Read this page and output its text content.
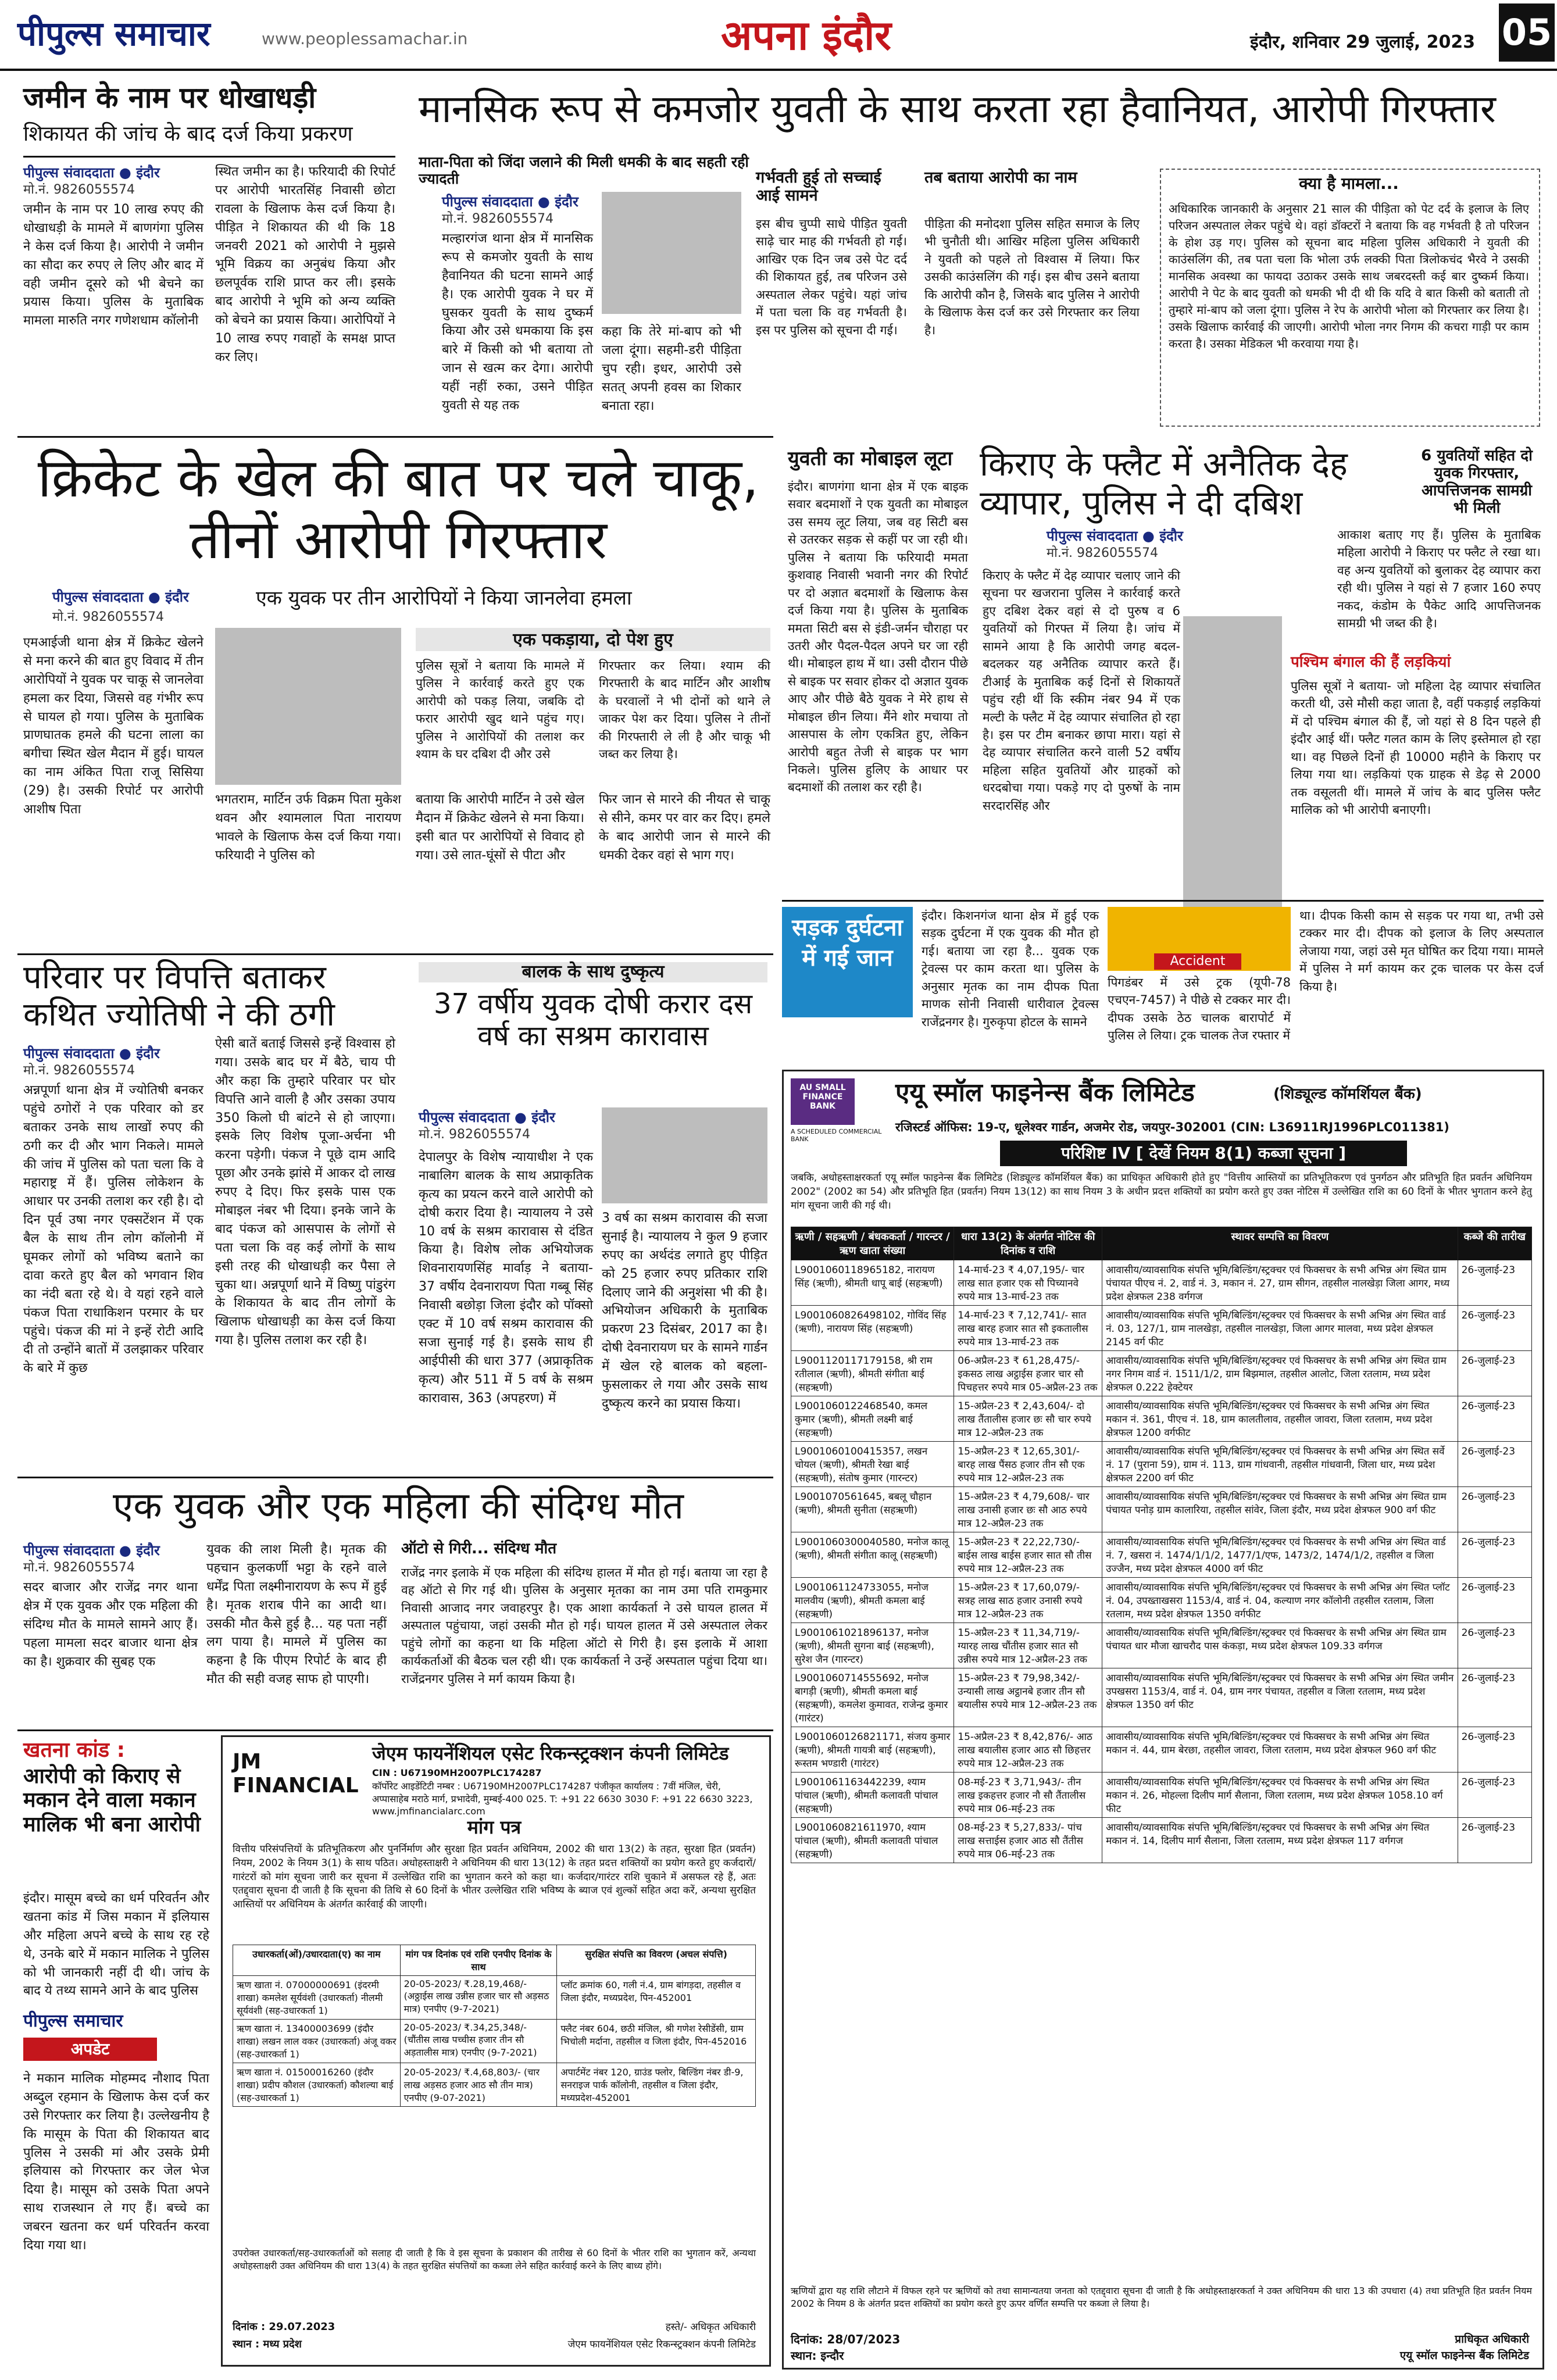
पीपुल्स समाचार	www.peoplessamachar.in	अपना इंदौर	इंदौर, शनिवार 29 जुलाई, 2023 05
जमीन के नाम पर धोखाधड़ी
शिकायत की जांच के बाद दर्ज किया प्रकरण
पीपुल्स संवाददाता ● इंदौर
मो.नं. 9826055574
जमीन के नाम पर 10 लाख रुपए की धोखाधड़ी के मामले में बाणगंगा पुलिस ने केस दर्ज किया है। आरोपी ने जमीन का सौदा कर रुपए ले लिए और बाद में वही जमीन दूसरे को भी बेचने का प्रयास किया। पुलिस के मुताबिक मामला मारुति नगर गणेशधाम कॉलोनी
स्थित जमीन का है। फरियादी की रिपोर्ट पर आरोपी भारतसिंह निवासी छोटा रावला के खिलाफ केस दर्ज किया है। पीड़ित ने शिकायत की थी कि 18 जनवरी 2021 को आरोपी ने मुझसे भूमि विक्रय का अनुबंध किया और छलपूर्वक राशि प्राप्त कर ली। इसके बाद आरोपी ने भूमि को अन्य व्यक्ति को बेचने का प्रयास किया। आरोपियों ने 10 लाख रुपए गवाहों के समक्ष प्राप्त कर लिए।
मानसिक रूप से कमजोर युवती के साथ करता रहा हैवानियत, आरोपी गिरफ्तार
माता-पिता को जिंदा जलाने की मिली धमकी के बाद सहती रही ज्यादती
पीपुल्स संवाददाता ● इंदौर
मो.नं. 9826055574
मल्हारगंज थाना क्षेत्र में मानसिक रूप से कमजोर युवती के साथ हैवानियत की घटना सामने आई है। एक आरोपी युवक ने घर में घुसकर युवती के साथ दुष्कर्म किया और उसे धमकाया कि इस बारे में किसी को भी बताया तो जान से खत्म कर देगा। आरोपी यहीं नहीं रुका, उसने पीड़ित युवती से यह तक
कहा कि तेरे मां-बाप को भी जला दूंगा। सहमी-डरी पीड़िता चुप रही। इधर, आरोपी उसे सतत् अपनी हवस का शिकार बनाता रहा।
गर्भवती हुई तो सच्चाई आई सामने
इस बीच चुप्पी साधे पीड़ित युवती साढ़े चार माह की गर्भवती हो गई। आखिर एक दिन जब उसे पेट दर्द की शिकायत हुई, तब परिजन उसे अस्पताल लेकर पहुंचे। यहां जांच में पता चला कि वह गर्भवती है। इस पर पुलिस को सूचना दी गई।
तब बताया आरोपी का नाम
पीड़िता की मनोदशा पुलिस सहित समाज के लिए भी चुनौती थी। आखिर महिला पुलिस अधिकारी ने युवती को पहले तो विश्वास में लिया। फिर उसकी काउंसलिंग की गई। इस बीच उसने बताया कि आरोपी कौन है, जिसके बाद पुलिस ने आरोपी के खिलाफ केस दर्ज कर उसे गिरफ्तार कर लिया है।
क्या है मामला...
अधिकारिक जानकारी के अनुसार 21 साल की पीड़िता को पेट दर्द के इलाज के लिए परिजन अस्पताल लेकर पहुंचे थे। वहां डॉक्टरों ने बताया कि वह गर्भवती है तो परिजन के होश उड़ गए। पुलिस को सूचना बाद महिला पुलिस अधिकारी ने युवती की काउंसलिंग की, तब पता चला कि भोला उर्फ लक्की पिता त्रिलोकचंद भैरवे ने उसकी मानसिक अवस्था का फायदा उठाकर उसके साथ जबरदस्ती कई बार दुष्कर्म किया। आरोपी ने पेट के बाद युवती को धमकी भी दी थी कि यदि वे बात किसी को बताती तो तुम्हारे मां-बाप को जला दूंगा। पुलिस ने रेप के आरोपी भोला को गिरफ्तार कर लिया है। उसके खिलाफ कार्रवाई की जाएगी। आरोपी भोला नगर निगम की कचरा गाड़ी पर काम करता है। उसका मेडिकल भी करवाया गया है।
क्रिकेट के खेल की बात पर चले चाकू, तीनों आरोपी गिरफ्तार
पीपुल्स संवाददाता ● इंदौर
मो.नं. 9826055574
एक युवक पर तीन आरोपियों ने किया जानलेवा हमला
एमआईजी थाना क्षेत्र में क्रिकेट खेलने से मना करने की बात हुए विवाद में तीन आरोपियों ने युवक पर चाकू से जानलेवा हमला कर दिया, जिससे वह गंभीर रूप से घायल हो गया। पुलिस के मुताबिक प्राणघातक हमले की घटना लाला का बगीचा स्थित खेल मैदान में हुई। घायल का नाम अंकित पिता राजू सिसिया (29) है। उसकी रिपोर्ट पर आरोपी आशीष पिता
भगतराम, मार्टिन उर्फ विक्रम पिता मुकेश थवन और श्यामलाल पिता नारायण भावले के खिलाफ केस दर्ज किया गया। फरियादी ने पुलिस को
एक पकड़ाया, दो पेश हुए
पुलिस सूत्रों ने बताया कि मामले में पुलिस ने कार्रवाई करते हुए एक आरोपी को पकड़ लिया, जबकि दो फरार आरोपी खुद थाने पहुंच गए। पुलिस ने आरोपियों की तलाश कर श्याम के घर दबिश दी और उसे
गिरफ्तार कर लिया। श्याम की गिरफ्तारी के बाद मार्टिन और आशीष के घरवालों ने भी दोनों को थाने ले जाकर पेश कर दिया। पुलिस ने तीनों की गिरफ्तारी ले ली है और चाकू भी जब्त कर लिया है।
बताया कि आरोपी मार्टिन ने उसे खेल मैदान में क्रिकेट खेलने से मना किया। इसी बात पर आरोपियों से विवाद हो गया। उसे लात-घूंसों से पीटा और
फिर जान से मारने की नीयत से चाकू से सीने, कमर पर वार कर दिए। हमले के बाद आरोपी जान से मारने की धमकी देकर वहां से भाग गए।
युवती का मोबाइल लूटा
इंदौर। बाणगंगा थाना क्षेत्र में एक बाइक सवार बदमाशों ने एक युवती का मोबाइल उस समय लूट लिया, जब वह सिटी बस से उतरकर सड़क से कहीं पर जा रही थी। पुलिस ने बताया कि फरियादी ममता कुशवाह निवासी भवानी नगर की रिपोर्ट पर दो अज्ञात बदमाशों के खिलाफ केस दर्ज किया गया है। पुलिस के मुताबिक ममता सिटी बस से इंडी-जर्मन चौराहा पर उतरी और पैदल-पैदल अपने घर जा रही थी। मोबाइल हाथ में था। उसी दौरान पीछे से बाइक पर सवार होकर दो अज्ञात युवक आए और पीछे बैठे युवक ने मेरे हाथ से मोबाइल छीन लिया। मैंने शोर मचाया तो आसपास के लोग एकत्रित हुए, लेकिन आरोपी बहुत तेजी से बाइक पर भाग निकले। पुलिस हुलिए के आधार पर बदमाशों की तलाश कर रही है।
किराए के फ्लैट में अनैतिक देह व्यापार, पुलिस ने दी दबिश
6 युवतियों सहित दो युवक गिरफ्तार, आपत्तिजनक सामग्री भी मिली
पीपुल्स संवाददाता ● इंदौर
मो.नं. 9826055574
किराए के फ्लैट में देह व्यापार चलाए जाने की सूचना पर खजराना पुलिस ने कार्रवाई करते हुए दबिश देकर वहां से दो पुरुष व 6 युवतियों को गिरफ्त में लिया है। जांच में सामने आया है कि आरोपी जगह बदल-बदलकर यह अनैतिक व्यापार करते हैं। टीआई के मुताबिक कई दिनों से शिकायतें पहुंच रही थीं कि स्कीम नंबर 94 में एक मल्टी के फ्लैट में देह व्यापार संचालित हो रहा है। इस पर टीम बनाकर छापा मारा। यहां से देह व्यापार संचालित करने वाली 52 वर्षीय महिला सहित युवतियों और ग्राहकों को धरदबोचा गया। पकड़े गए दो पुरुषों के नाम सरदारसिंह और
आकाश बताए गए हैं। पुलिस के मुताबिक महिला आरोपी ने किराए पर फ्लैट ले रखा था। वह अन्य युवतियों को बुलाकर देह व्यापार करा रही थी। पुलिस ने यहां से 7 हजार 160 रुपए नकद, कंडोम के पैकेट आदि आपत्तिजनक सामग्री भी जब्त की है।
पश्चिम बंगाल की हैं लड़कियां
पुलिस सूत्रों ने बताया- जो महिला देह व्यापार संचालित करती थी, उसे मौसी कहा जाता है, वहीं पकड़ाई लड़कियां में दो पश्चिम बंगाल की हैं, जो यहां से 8 दिन पहले ही इंदौर आई थीं। फ्लैट गलत काम के लिए इस्तेमाल हो रहा था। वह पिछले दिनों ही 10000 महीने के किराए पर लिया गया था। लड़कियां एक ग्राहक से डेढ़ से 2000 तक वसूलती थीं। मामले में जांच के बाद पुलिस फ्लैट मालिक को भी आरोपी बनाएगी।
सड़क दुर्घटना में गई जान
इंदौर। किशनगंज थाना क्षेत्र में हुई एक सड़क दुर्घटना में एक युवक की मौत हो गई। बताया जा रहा है... युवक एक ट्रेवल्स पर काम करता था। पुलिस के अनुसार मृतक का नाम दीपक पिता माणक सोनी निवासी धारीवाल ट्रेवल्स राजेंद्रनगर है। गुरुकृपा होटल के सामने
Accident
पिगडंबर में उसे ट्रक (यूपी-78 एचएन-7457) ने पीछे से टक्कर मार दी। दीपक उसके ठेठ चालक बारापोर्ट में पुलिस ले लिया। ट्रक चालक तेज रफ्तार में
था। दीपक किसी काम से सड़क पर गया था, तभी उसे टक्कर मार दी। दीपक को इलाज के लिए अस्पताल लेजाया गया, जहां उसे मृत घोषित कर दिया गया। मामले में पुलिस ने मर्ग कायम कर ट्रक चालक पर केस दर्ज किया है।
परिवार पर विपत्ति बताकर कथित ज्योतिषी ने की ठगी
पीपुल्स संवाददाता ● इंदौर
मो.नं. 9826055574
अन्नपूर्णा थाना क्षेत्र में ज्योतिषी बनकर पहुंचे ठगोरों ने एक परिवार को डर बताकर उनके साथ लाखों रुपए की ठगी कर दी और भाग निकले। मामले की जांच में पुलिस को पता चला कि वे महाराष्ट्र में हैं। पुलिस लोकेशन के आधार पर उनकी तलाश कर रही है। दो दिन पूर्व उषा नगर एक्सटेंशन में एक बैल के साथ तीन लोग कॉलोनी में घूमकर लोगों को भविष्य बताने का दावा करते हुए बैल को भगवान शिव का नंदी बता रहे थे। वे यहां रहने वाले पंकज पिता राधाकिशन परमार के घर पहुंचे। पंकज की मां ने इन्हें रोटी आदि दी तो उन्होंने बातों में उलझाकर परिवार के बारे में कुछ
ऐसी बातें बताई जिससे इन्हें विश्वास हो गया। उसके बाद घर में बैठे, चाय पी और कहा कि तुम्हारे परिवार पर घोर विपत्ति आने वाली है और उसका उपाय 350 किलो घी बांटने से हो जाएगा। इसके लिए विशेष पूजा-अर्चना भी करना पड़ेगी। पंकज ने पूछे दाम आदि पूछा और उनके झांसे में आकर दो लाख रुपए दे दिए। फिर इसके पास एक मोबाइल नंबर भी दिया। इनके जाने के बाद पंकज को आसपास के लोगों से पता चला कि वह कई लोगों के साथ इसी तरह की धोखाधड़ी कर पैसा ले चुका था। अन्नपूर्णा थाने में विष्णु पांडुरंग के शिकायत के बाद तीन लोगों के खिलाफ धोखाधड़ी का केस दर्ज किया गया है। पुलिस तलाश कर रही है।
बालक के साथ दुष्कृत्य
37 वर्षीय युवक दोषी करार दस वर्ष का सश्रम कारावास
पीपुल्स संवाददाता ● इंदौर
मो.नं. 9826055574
देपालपुर के विशेष न्यायाधीश ने एक नाबालिग बालक के साथ अप्राकृतिक कृत्य का प्रयत्न करने वाले आरोपी को दोषी करार दिया है। न्यायालय ने उसे 10 वर्ष के सश्रम कारावास से दंडित किया है। विशेष लोक अभियोजक शिवनारायणसिंह मार्वाड़ ने बताया- 37 वर्षीय देवनारायण पिता गब्बू सिंह निवासी बछोड़ा जिला इंदौर को पॉक्सो एक्ट में 10 वर्ष सश्रम कारावास की सजा सुनाई गई है। इसके साथ ही आईपीसी की धारा 377 (अप्राकृतिक कृत्य) और 511 में 5 वर्ष के सश्रम कारावास, 363 (अपहरण) में
3 वर्ष का सश्रम कारावास की सजा सुनाई है। न्यायालय ने कुल 9 हजार रुपए का अर्थदंड लगाते हुए पीड़ित को 25 हजार रुपए प्रतिकार राशि दिलाए जाने की अनुशंसा भी की है। अभियोजन अधिकारी के मुताबिक प्रकरण 23 दिसंबर, 2017 का है। दोषी देवनारायण घर के सामने गार्डन में खेल रहे बालक को बहला-फुसलाकर ले गया और उसके साथ दुष्कृत्य करने का प्रयास किया।
एक युवक और एक महिला की संदिग्ध मौत
पीपुल्स संवाददाता ● इंदौर
मो.नं. 9826055574
सदर बाजार और राजेंद्र नगर थाना क्षेत्र में एक युवक और एक महिला की संदिग्ध मौत के मामले सामने आए हैं। पहला मामला सदर बाजार थाना क्षेत्र का है। शुक्रवार की सुबह एक
युवक की लाश मिली है। मृतक की पहचान कुलकर्णी भट्टा के रहने वाले धर्मेंद्र पिता लक्ष्मीनारायण के रूप में हुई है। मृतक शराब पीने का आदी था। उसकी मौत कैसे हुई है... यह पता नहीं लग पाया है। मामले में पुलिस का कहना है कि पीएम रिपोर्ट के बाद ही मौत की सही वजह साफ हो पाएगी।
ऑटो से गिरी... संदिग्ध मौत
राजेंद्र नगर इलाके में एक महिला की संदिग्ध हालत में मौत हो गई। बताया जा रहा है वह ऑटो से गिर गई थी। पुलिस के अनुसार मृतका का नाम उमा पति रामकुमार निवासी आजाद नगर जवाहरपुर है। एक आशा कार्यकर्ता ने उसे घायल हालत में अस्पताल पहुंचाया, जहां उसकी मौत हो गई। घायल हालत में उसे अस्पताल लेकर पहुंचे लोगों का कहना था कि महिला ऑटो से गिरी है। इस इलाके में आशा कार्यकर्ताओं की बैठक चल रही थी। एक कार्यकर्ता ने उन्हें अस्पताल पहुंचा दिया था। राजेंद्रनगर पुलिस ने मर्ग कायम किया है।
खतना कांड :
आरोपी को किराए से मकान देने वाला मकान मालिक भी बना आरोपी
इंदौर। मासूम बच्चे का धर्म परिवर्तन और खतना कांड में जिस मकान में इलियास और महिला अपने बच्चे के साथ रह रहे थे, उनके बारे में मकान मालिक ने पुलिस को भी जानकारी नहीं दी थी। जांच के बाद ये तथ्य सामने आने के बाद पुलिस
पीपुल्स समाचार
अपडेट
ने मकान मालिक मोहम्मद नौशाद पिता अब्दुल रहमान के खिलाफ केस दर्ज कर उसे गिरफ्तार कर लिया है। उल्लेखनीय है कि मासूम के पिता की शिकायत बाद पुलिस ने उसकी मां और उसके प्रेमी इलियास को गिरफ्तार कर जेल भेज दिया है। मासूम को उसके पिता अपने साथ राजस्थान ले गए हैं। बच्चे का जबरन खतना कर धर्म परिवर्तन करवा दिया गया था।
JM FINANCIAL
जेएम फायनेंशियल एसेट रिकन्स्ट्रक्शन कंपनी लिमिटेड
CIN : U67190MH2007PLC174287
कॉर्पोरेट आइडेंटिटी नम्बर : U67190MH2007PLC174287 पंजीकृत कार्यालय : 7वीं मंजिल, चेरी, अप्पासाहेब मराठे मार्ग, प्रभादेवी, मुम्बई-400 025. T: +91 22 6630 3030 F: +91 22 6630 3223, www.jmfinancialarc.com
मांग पत्र
वित्तीय परिसंपत्तियों के प्रतिभूतिकरण और पुनर्निर्माण और सुरक्षा हित प्रवर्तन अधिनियम, 2002 की धारा 13(2) के तहत, सुरक्षा हित (प्रवर्तन) नियम, 2002 के नियम 3(1) के साथ पठित। अधोहस्ताक्षरी ने अधिनियम की धारा 13(12) के तहत प्रदत्त शक्तियों का प्रयोग करते हुए कर्जदारों/गारंटरों को मांग सूचना जारी कर सूचना में उल्लेखित राशि का भुगतान करने को कहा था। कर्जदार/गारंटर राशि चुकाने में असफल रहे हैं, अतः एतद्द्वारा सूचना दी जाती है कि सूचना की तिथि से 60 दिनों के भीतर उल्लेखित राशि भविष्य के ब्याज एवं शुल्कों सहित अदा करें, अन्यथा सुरक्षित आस्तियों पर अधिनियम के अंतर्गत कार्रवाई की जाएगी।
उधारकर्ता(ओं)/उधारदाता(ए) का नाम	मांग पत्र दिनांक एवं राशि एनपीए दिनांक के साथ	सुरक्षित संपत्ति का विवरण (अचल संपत्ति)
ऋण खाता नं. 07000000691 (इंदरमी शाखा) कमलेश सूर्यवंशी (उधारकर्ता) नीलमी सूर्यवंशी (सह-उधारकर्ता 1)	20-05-2023/ ₹.28,19,468/- (अठ्ठाईस लाख उन्नीस हजार चार सौ अड़सठ मात्र) एनपीए (9-7-2021)	प्लॉट क्रमांक 60, गली नं.4, ग्राम बांगड़दा, तहसील व जिला इंदौर, मध्यप्रदेश, पिन-452001
ऋण खाता नं. 13400003699 (इंदौर शाखा) लखन लाल वकर (उधारकर्ता) अंजू वकर (सह-उधारकर्ता 1)	20-05-2023/ ₹.34,25,348/- (चौंतीस लाख पच्चीस हजार तीन सौ अड़तालीस मात्र) एनपीए (9-7-2021)	फ्लैट नंबर 604, छठी मंजिल, श्री गणेश रेसीडेंसी, ग्राम भिचोली मर्दाना, तहसील व जिला इंदौर, पिन-452016
ऋण खाता नं. 01500016260 (इंदौर शाखा) प्रदीप कौशल (उधारकर्ता) कौशल्या बाई (सह-उधारकर्ता 1)	20-05-2023/ ₹.4,68,803/- (चार लाख अड़सठ हजार आठ सौ तीन मात्र) एनपीए (9-07-2021)	अपार्टमेंट नंबर 120, ग्राउंड फ्लोर, बिल्डिंग नंबर डी-9, सनराइज पार्क कॉलोनी, तहसील व जिला इंदौर, मध्यप्रदेश-452001
उपरोक्त उधारकर्ता/सह-उधारकर्ताओं को सलाह दी जाती है कि वे इस सूचना के प्रकाशन की तारीख से 60 दिनों के भीतर राशि का भुगतान करें, अन्यथा अधोहस्ताक्षरी उक्त अधिनियम की धारा 13(4) के तहत सुरक्षित संपत्तियों का कब्जा लेने सहित कार्रवाई करने के लिए बाध्य होंगे।
दिनांक : 29.07.2023
स्थान : मध्य प्रदेश
हस्ते/- अधिकृत अधिकारी
जेएम फायनेंशियल एसेट रिकन्स्ट्रक्शन कंपनी लिमिटेड
AU SMALL FINANCE BANK
A SCHEDULED COMMERCIAL BANK
एयू स्मॉल फाइनेन्स बैंक लिमिटेड	(शिड्यूल्ड कॉमर्शियल बैंक)
रजिस्टर्ड ऑफिस: 19-ए, धूलेश्वर गार्डन, अजमेर रोड, जयपुर-302001 (CIN: L36911RJ1996PLC011381)
परिशिष्ट IV [ देखें नियम 8(1) कब्जा सूचना ]
जबकि, अधोहस्ताक्षरकर्ता एयू स्मॉल फाइनेन्स बैंक लिमिटेड (शिड्यूल्ड कॉमर्शियल बैंक) का प्राधिकृत अधिकारी होते हुए "वित्तीय आस्तियों का प्रतिभूतिकरण एवं पुनर्गठन और प्रतिभूति हित प्रवर्तन अधिनियम 2002" (2002 का 54) और प्रतिभूति हित (प्रवर्तन) नियम 13(12) का साथ नियम 3 के अधीन प्रदत्त शक्तियों का प्रयोग करते हुए उक्त नोटिस में उल्लेखित राशि का 60 दिनों के भीतर भुगतान करने हेतु मांग सूचना जारी की गई थी।
ऋणी / सहऋणी / बंधककर्ता / गारन्टर / ऋण खाता संख्या	धारा 13(2) के अंतर्गत नोटिस की दिनांक व राशि	स्थावर सम्पत्ति का विवरण	कब्जे की तारीख
L9001060118965182, नारायण सिंह (ऋणी), श्रीमती धापू बाई (सहऋणी)	14-मार्च-23 ₹ 4,07,195/- चार लाख सात हजार एक सौ पिच्यानवे रुपये मात्र 13-मार्च-23 तक	आवासीय/व्यावसायिक संपत्ति भूमि/बिल्डिंग/स्ट्रक्चर एवं फिक्सचर के सभी अभिन्न अंग स्थित ग्राम पंचायत पीएच नं. 2, वार्ड नं. 3, मकान नं. 27, ग्राम सीगन, तहसील नालखेड़ा जिला आगर, मध्य प्रदेश क्षेत्रफल 238 वर्गगज	26-जुलाई-23
L9001060826498102, गोविंद सिंह (ऋणी), नारायण सिंह (सहऋणी)	14-मार्च-23 ₹ 7,12,741/- सात लाख बारह हजार सात सौ इकतालीस रुपये मात्र 13-मार्च-23 तक	आवासीय/व्यावसायिक संपत्ति भूमि/बिल्डिंग/स्ट्रक्चर एवं फिक्सचर के सभी अभिन्न अंग स्थित वार्ड नं. 03, 127/1, ग्राम नालखेड़ा, तहसील नालखेड़ा, जिला आगर मालवा, मध्य प्रदेश क्षेत्रफल 2145 वर्ग फीट	26-जुलाई-23
L9001120117179158, श्री राम रतीलाल (ऋणी), श्रीमती संगीता बाई (सहऋणी)	06-अप्रैल-23 ₹ 61,28,475/- इकसठ लाख अट्ठाईस हजार चार सौ पिचहत्तर रुपये मात्र 05-अप्रैल-23 तक	आवासीय/व्यावसायिक संपत्ति भूमि/बिल्डिंग/स्ट्रक्चर एवं फिक्सचर के सभी अभिन्न अंग स्थित ग्राम नगर निगम वार्ड नं. 1511/1/2, ग्राम बिझमाल, तहसील आलोट, जिला रतलाम, मध्य प्रदेश क्षेत्रफल 0.222 हेक्टेयर	26-जुलाई-23
L9001060122468540, कमल कुमार (ऋणी), श्रीमती लक्ष्मी बाई (सहऋणी)	15-अप्रैल-23 ₹ 2,43,604/- दो लाख तैंतालीस हजार छः सौ चार रुपये मात्र 12-अप्रैल-23 तक	आवासीय/व्यावसायिक संपत्ति भूमि/बिल्डिंग/स्ट्रक्चर एवं फिक्सचर के सभी अभिन्न अंग स्थित मकान नं. 361, पीएच नं. 18, ग्राम कालतीलाव, तहसील जावरा, जिला रतलाम, मध्य प्रदेश क्षेत्रफल 1200 वर्गफीट	26-जुलाई-23
L9001060100415357, लखन चोयल (ऋणी), श्रीमती रेखा बाई (सहऋणी), संतोष कुमार (गारन्टर)	15-अप्रैल-23 ₹ 12,65,301/- बारह लाख पैंसठ हजार तीन सौ एक रुपये मात्र 12-अप्रैल-23 तक	आवासीय/व्यावसायिक संपत्ति भूमि/बिल्डिंग/स्ट्रक्चर एवं फिक्सचर के सभी अभिन्न अंग स्थित सर्वे नं. 17 (पुराना 59), ग्राम नं. 113, ग्राम गांधवानी, तहसील गांधवानी, जिला धार, मध्य प्रदेश क्षेत्रफल 2200 वर्ग फीट	26-जुलाई-23
L9001070561645, बबलू चौहान (ऋणी), श्रीमती सुनीता (सहऋणी)	15-अप्रैल-23 ₹ 4,79,608/- चार लाख उनासी हजार छः सौ आठ रुपये मात्र 12-अप्रैल-23 तक	आवासीय/व्यावसायिक संपत्ति भूमि/बिल्डिंग/स्ट्रक्चर एवं फिक्सचर के सभी अभिन्न अंग स्थित ग्राम पंचायत पनोड़ ग्राम कालारिया, तहसील सांवेर, जिला इंदौर, मध्य प्रदेश क्षेत्रफल 900 वर्ग फीट	26-जुलाई-23
L9001060300040580, मनोज कालू (ऋणी), श्रीमती संगीता कालू (सहऋणी)	15-अप्रैल-23 ₹ 22,22,730/- बाईस लाख बाईस हजार सात सौ तीस रुपये मात्र 12-अप्रैल-23 तक	आवासीय/व्यावसायिक संपत्ति भूमि/बिल्डिंग/स्ट्रक्चर एवं फिक्सचर के सभी अभिन्न अंग स्थित वार्ड नं. 7, खसरा नं. 1474/1/1/2, 1477/1/एफ, 1473/2, 1474/1/2, तहसील व जिला उज्जैन, मध्य प्रदेश क्षेत्रफल 4000 वर्ग फीट	26-जुलाई-23
L9001061124733055, मनोज मालवीय (ऋणी), श्रीमती कमला बाई (सहऋणी)	15-अप्रैल-23 ₹ 17,60,079/- सत्रह लाख साठ हजार उनासी रुपये मात्र 12-अप्रैल-23 तक	आवासीय/व्यावसायिक संपत्ति भूमि/बिल्डिंग/स्ट्रक्चर एवं फिक्सचर के सभी अभिन्न अंग स्थित प्लॉट नं. 04, उपख्ताखसरा 1153/4, वार्ड नं. 04, कल्याण नगर कॉलोनी तहसील रतलाम, जिला रतलाम, मध्य प्रदेश क्षेत्रफल 1350 वर्गफीट	26-जुलाई-23
L9001061021896137, मनोज (ऋणी), श्रीमती सुगना बाई (सहऋणी), सुरेश जैन (गारन्टर)	15-अप्रैल-23 ₹ 11,34,719/- ग्यारह लाख चौंतीस हजार सात सौ उन्नीस रुपये मात्र 12-अप्रैल-23 तक	आवासीय/व्यावसायिक संपत्ति भूमि/बिल्डिंग/स्ट्रक्चर एवं फिक्सचर के सभी अभिन्न अंग स्थित ग्राम पंचायत धार मौजा खाचरौद पास कंकड़ा, मध्य प्रदेश क्षेत्रफल 109.33 वर्गगज	26-जुलाई-23
L9001060714555692, मनोज बागड़ी (ऋणी), श्रीमती कमला बाई (सहऋणी), कमलेश कुमावत, राजेन्द्र कुमार (गारंटर)	15-अप्रैल-23 ₹ 79,98,342/- उन्यासी लाख अट्ठानबे हजार तीन सौ बयालीस रुपये मात्र 12-अप्रैल-23 तक	आवासीय/व्यावसायिक संपत्ति भूमि/बिल्डिंग/स्ट्रक्चर एवं फिक्सचर के सभी अभिन्न अंग स्थित जमीन उपखसरा 1153/4, वार्ड नं. 04, ग्राम नगर पंचायत, तहसील व जिला रतलाम, मध्य प्रदेश क्षेत्रफल 1350 वर्ग फीट	26-जुलाई-23
L9001060126821171, संजय कुमार (ऋणी), श्रीमती गायत्री बाई (सहऋणी), रूस्तम भण्डारी (गारंटर)	15-अप्रैल-23 ₹ 8,42,876/- आठ लाख बयालीस हजार आठ सौ छिहत्तर रुपये मात्र 12-अप्रैल-23 तक	आवासीय/व्यावसायिक संपत्ति भूमि/बिल्डिंग/स्ट्रक्चर एवं फिक्सचर के सभी अभिन्न अंग स्थित मकान नं. 44, ग्राम बेरछा, तहसील जावरा, जिला रतलाम, मध्य प्रदेश क्षेत्रफल 960 वर्ग फीट	26-जुलाई-23
L9001061163442239, श्याम पांचाल (ऋणी), श्रीमती कलावती पांचाल (सहऋणी)	08-मई-23 ₹ 3,71,943/- तीन लाख इकहत्तर हजार नौ सौ तैंतालीस रुपये मात्र 06-मई-23 तक	आवासीय/व्यावसायिक संपत्ति भूमि/बिल्डिंग/स्ट्रक्चर एवं फिक्सचर के सभी अभिन्न अंग स्थित मकान नं. 26, मोहल्ला दिलीप मार्ग सैलाना, जिला रतलाम, मध्य प्रदेश क्षेत्रफल 1058.10 वर्ग फीट	26-जुलाई-23
L9001060821611970, श्याम पांचाल (ऋणी), श्रीमती कलावती पांचाल (सहऋणी)	08-मई-23 ₹ 5,27,833/- पांच लाख सत्ताईस हजार आठ सौ तैंतीस रुपये मात्र 06-मई-23 तक	आवासीय/व्यावसायिक संपत्ति भूमि/बिल्डिंग/स्ट्रक्चर एवं फिक्सचर के सभी अभिन्न अंग स्थित मकान नं. 14, दिलीप मार्ग सैलाना, जिला रतलाम, मध्य प्रदेश क्षेत्रफल 117 वर्गगज	26-जुलाई-23
ऋणियों द्वारा यह राशि लौटाने में विफल रहने पर ऋणियों को तथा सामान्यतया जनता को एतद्द्वारा सूचना दी जाती है कि अधोहस्ताक्षरकर्ता ने उक्त अधिनियम की धारा 13 की उपधारा (4) तथा प्रतिभूति हित प्रवर्तन नियम 2002 के नियम 8 के अंतर्गत प्रदत्त शक्तियों का प्रयोग करते हुए ऊपर वर्णित सम्पत्ति पर कब्जा ले लिया है।
दिनांक: 28/07/2023
स्थान: इन्दौर
प्राधिकृत अधिकारी
एयू स्मॉल फाइनेन्स बैंक लिमिटेड
